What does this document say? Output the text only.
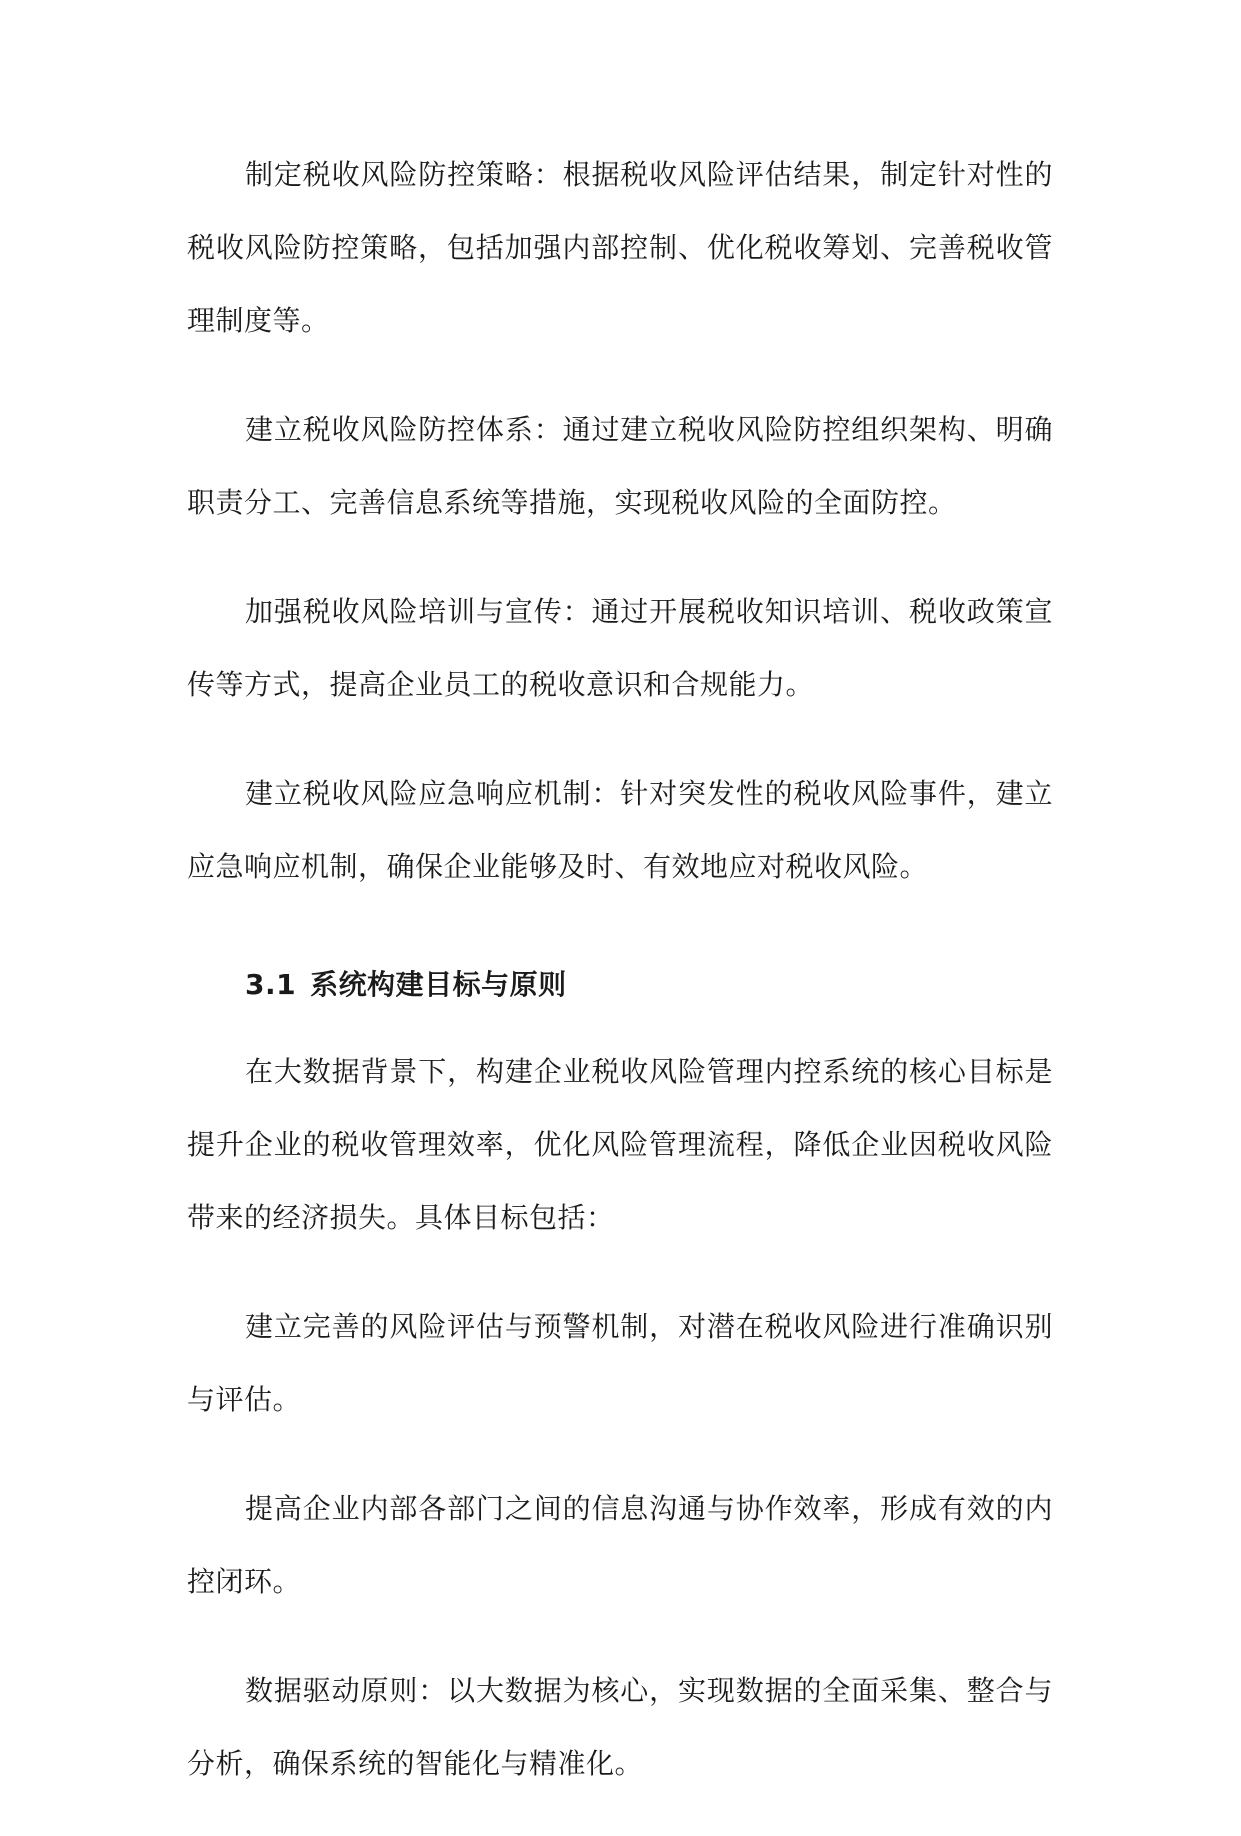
制定税收风险防控策略：根据税收风险评估结果，制定针对性的税收风险防控策略，包括加强内部控制、优化税收筹划、完善税收管理制度等。

建立税收风险防控体系：通过建立税收风险防控组织架构、明确职责分工、完善信息系统等措施，实现税收风险的全面防控。

加强税收风险培训与宣传：通过开展税收知识培训、税收政策宣传等方式，提高企业员工的税收意识和合规能力。

建立税收风险应急响应机制：针对突发性的税收风险事件，建立应急响应机制，确保企业能够及时、有效地应对税收风险。

3.1 系统构建目标与原则

在大数据背景下，构建企业税收风险管理内控系统的核心目标是提升企业的税收管理效率，优化风险管理流程，降低企业因税收风险带来的经济损失。具体目标包括：

建立完善的风险评估与预警机制，对潜在税收风险进行准确识别与评估。

提高企业内部各部门之间的信息沟通与协作效率，形成有效的内控闭环。

数据驱动原则：以大数据为核心，实现数据的全面采集、整合与分析，确保系统的智能化与精准化。
